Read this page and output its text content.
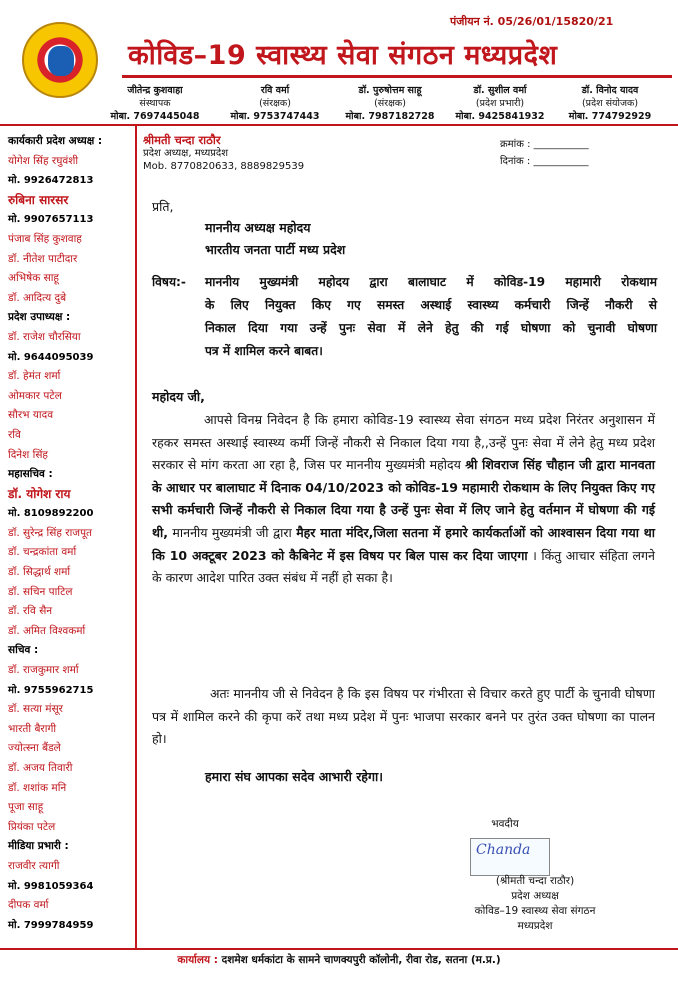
पंजीयन नं. 05/26/01/15820/21
कोविड–19 स्वास्थ्य सेवा संगठन मध्यप्रदेश
जीतेन्द्र कुशवाहा
संस्थापक
मोबा. 7697445048
रवि वर्मा
(संरक्षक)
मोबा. 9753747443
डॉ. पुरुषोत्तम साहू
(संरक्षक)
मोबा. 7987182728
डॉ. सुशील वर्मा
(प्रदेश प्रभारी)
मोबा. 9425841932
डॉ. विनोद यादव
(प्रदेश संयोजक)
मोबा. 774792929
कार्यकारी प्रदेश अध्यक्ष :
योगेश सिंह रघुवंशी
मो. 9926472813
रुबिना सारसर
मो. 9907657113
पंजाब सिंह कुशवाह
डॉ. नीतेश पाटीदार
अभिषेक साहू
डॉ. आदित्य दुबे
प्रदेश उपाध्यक्ष :
डॉ. राजेश चौरसिया
मो. 9644095039
डॉ. हेमंत शर्मा
ओमकार पटेल
सौरभ यादव
रवि
दिनेश सिंह
महासचिव :
डॉ. योगेश राय
मो. 8109892200
डॉ. सुरेन्द्र सिंह राजपूत
डॉ. चन्द्रकांता वर्मा
डॉ. सिद्धार्थ शर्मा
डॉ. सचिन पाटिल
डॉ. रवि सैन
डॉ. अमित विश्वकर्मा
सचिव :
डॉ. राजकुमार शर्मा
मो. 9755962715
डॉ. सत्या मंसूर
भारती बैरागी
ज्योत्स्ना बैंडले
डॉ. अजय तिवारी
डॉ. शशांक मनि
पूजा साहू
प्रियंका पटेल
मीडिया प्रभारी :
राजवीर त्यागी
मो. 9981059364
दीपक वर्मा
मो. 7999784959
श्रीमती चन्दा राठौर
प्रदेश अध्यक्ष, मध्यप्रदेश
Mob. 8770820633, 8889829539
क्रमांक : ___________
दिनांक : ___________
प्रति,
माननीय अध्यक्ष महोदय
भारतीय जनता पार्टी मध्य प्रदेश
विषय:-	माननीय मुख्यमंत्री महोदय द्वारा बालाघाट में कोविड-19 महामारी रोकथाम
के लिए नियुक्त किए गए समस्त अस्थाई स्वास्थ्य कर्मचारी जिन्हें नौकरी से
निकाल दिया गया उन्हें पुनः सेवा में लेने हेतु की गई घोषणा को चुनावी घोषणा
पत्र में शामिल करने बाबत।
महोदय जी,
आपसे विनम्र निवेदन है कि हमारा कोविड-19 स्वास्थ्य सेवा संगठन मध्य प्रदेश निरंतर अनुशासन में रहकर समस्त अस्थाई स्वास्थ्य कर्मी जिन्हें नौकरी से निकाल दिया गया है,,उन्हें पुनः सेवा में लेने हेतु मध्य प्रदेश सरकार से मांग करता आ रहा है, जिस पर माननीय मुख्यमंत्री महोदय श्री शिवराज सिंह चौहान जी द्वारा मानवता के आधार पर बालाघाट में दिनाक 04/10/2023 को कोविड-19 महामारी रोकथाम के लिए नियुक्त किए गए सभी कर्मचारी जिन्हें नौकरी से निकाल दिया गया है उन्हें पुनः सेवा में लिए जाने हेतु वर्तमान में घोषणा की गई थी, माननीय मुख्यमंत्री जी द्वारा मैहर माता मंदिर,जिला सतना में हमारे कार्यकर्ताओं को आश्वासन दिया गया था कि 10 अक्टूबर 2023 को कैबिनेट में इस विषय पर बिल पास कर दिया जाएगा । किंतु आचार संहिता लगने के कारण आदेश पारित उक्त संबंध में नहीं हो सका है।
अतः माननीय जी से निवेदन है कि इस विषय पर गंभीरता से विचार करते हुए पार्टी के चुनावी घोषणा पत्र में शामिल करने की कृपा करें तथा मध्य प्रदेश में पुनः भाजपा सरकार बनने पर तुरंत उक्त घोषणा का पालन हो।
हमारा संघ आपका सदेव आभारी रहेगा।
भवदीय
Chanda
(श्रीमती चन्दा राठौर)
प्रदेश अध्यक्ष
कोविड–19 स्वास्थ्य सेवा संगठन
मध्यप्रदेश
कार्यालय : दशमेश धर्मकांटा के सामने चाणक्यपुरी कॉलोनी, रीवा रोड, सतना (म.प्र.)
